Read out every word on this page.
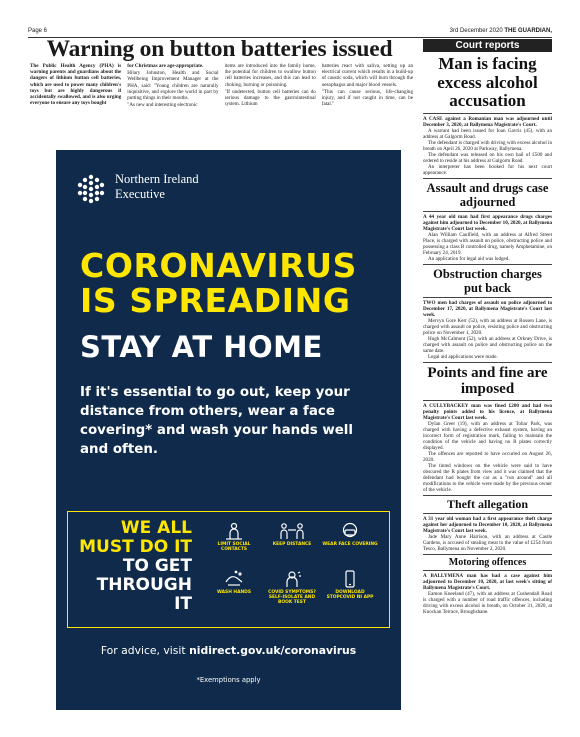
Page 6	3rd December 2020 THE GUARDIAN,
Warning on button batteries issued

The Public Health Agency (PHA) is warning parents and guardians about the dangers of lithium button cell batteries, which are used to power many children's toys but are highly dangerous if accidentally swallowed, and is also urging everyone to ensure any toys bought

for Christmas are age-appropriate.

Hilary Johnston, Health and Social Wellbeing Improvement Manager at the PHA, said: "Young children are naturally inquisitive, and explore the world in part by putting things in their mouths.

"As new and interesting electronic

items are introduced into the family home, the potential for children to swallow button cell batteries increases, and this can lead to choking, burning or poisoning.

"If undetected, button cell batteries can do serious damage to the gastrointestinal system. Lithium

batteries react with saliva, setting up an electrical current which results in a build-up of caustic soda, which will burn through the oesophagus and major blood vessels.

"This can cause serious, life-changing injury, and if not caught in time, can be fatal."

Northern Ireland
Executive
CORONAVIRUS
IS SPREADING
STAY AT HOME
If it's essential to go out, keep your distance from others, wear a face covering* and wash your hands well and often.
WE ALL
MUST DO IT
TO GET
THROUGH IT
LIMIT SOCIAL CONTACTS
KEEP DISTANCE	WEAR FACE COVERING
WASH HANDS	COVID SYMPTOMS? SELF-ISOLATE AND BOOK TEST
DOWNLOAD STOPCOVID NI APP
For advice, visit nidirect.gov.uk/coronavirus
*Exemptions apply
Court reports
Man is facing excess alcohol accusation

A CASE against a Romanian man was adjourned until December 3, 2020, at Ballymena Magistrate's Court.

A warrant had been issued for Ioan Gavris (45), with an address at Galgorm Road.

The defendant is charged with driving with excess alcohol in breath on April 26, 2020 at Parkway, Ballymena.

The defendant was released on his own bail of £500 and ordered to reside at his address at Galgorm Road.

An interpreter has been booked for his next court appearance.

Assault and drugs case adjourned

A 44 year old man had first appearance drugs charges against him adjourned to December 10, 2020, at Ballymena Magistrate's Court last week.

Alan William Caulfield, with an address at Alfred Street Place, is charged with assault on police, obstructing police and possessing a class B controlled drug, namely Amphetamine, on February 24, 2019.

An application for legal aid was lodged.

Obstruction charges put back

TWO men had charges of assault on police adjourned to December 17, 2020, at Ballymena Magistrate's Court last week.

Mervyn Gore Kerr (52), with an address at Rossen Lane, is charged with assault on police, resisting police and obstructing police on November 1, 2020.

Hugh McCalmont (52), with an address at Orkney Drive, is charged with assault on police and obstructing police on the same date.

Legal aid applications were made.

Points and fine are imposed

A CULLYBACKEY man was fined £200 and had two penalty points added to his licence, at Ballymena Magistrate's Court last week.

Dylan Greer (19), with an address at Tobar Park, was charged with having a defective exhaust system, having an incorrect form of registration mark, failing to maintain the condition of the vehicle and having no R plates correctly displayed.

The offences are reported to have occurred on August 26, 2020.

The tinted windows on the vehicle were said to have obscured the R plates from view and it was claimed that the defendant had bought the car as a "run around" and all modifications to the vehicle were made by the previous owner of the vehicle.

Theft allegation

A 31 year old woman had a first appearance theft charge against her adjourned to December 10, 2020, at Ballymena Magistrate's Court last week.

Jade Mary Anne Harrison, with an address at Castle Gardens, is accused of stealing meat to the value of £254 from Tesco, Ballymena on November 2, 2020.

Motoring offences

A BALLYMENA man has had a case against him adjourned to December 10, 2020, at last week's sitting of Ballymena Magistrate's Court.

Eamon Kneeland (47), with an address at Cushendall Road is charged with a number of road traffic offences, including driving with excess alcohol in breath, on October 31, 2020, at Knockan Terrace, Broughshane.
